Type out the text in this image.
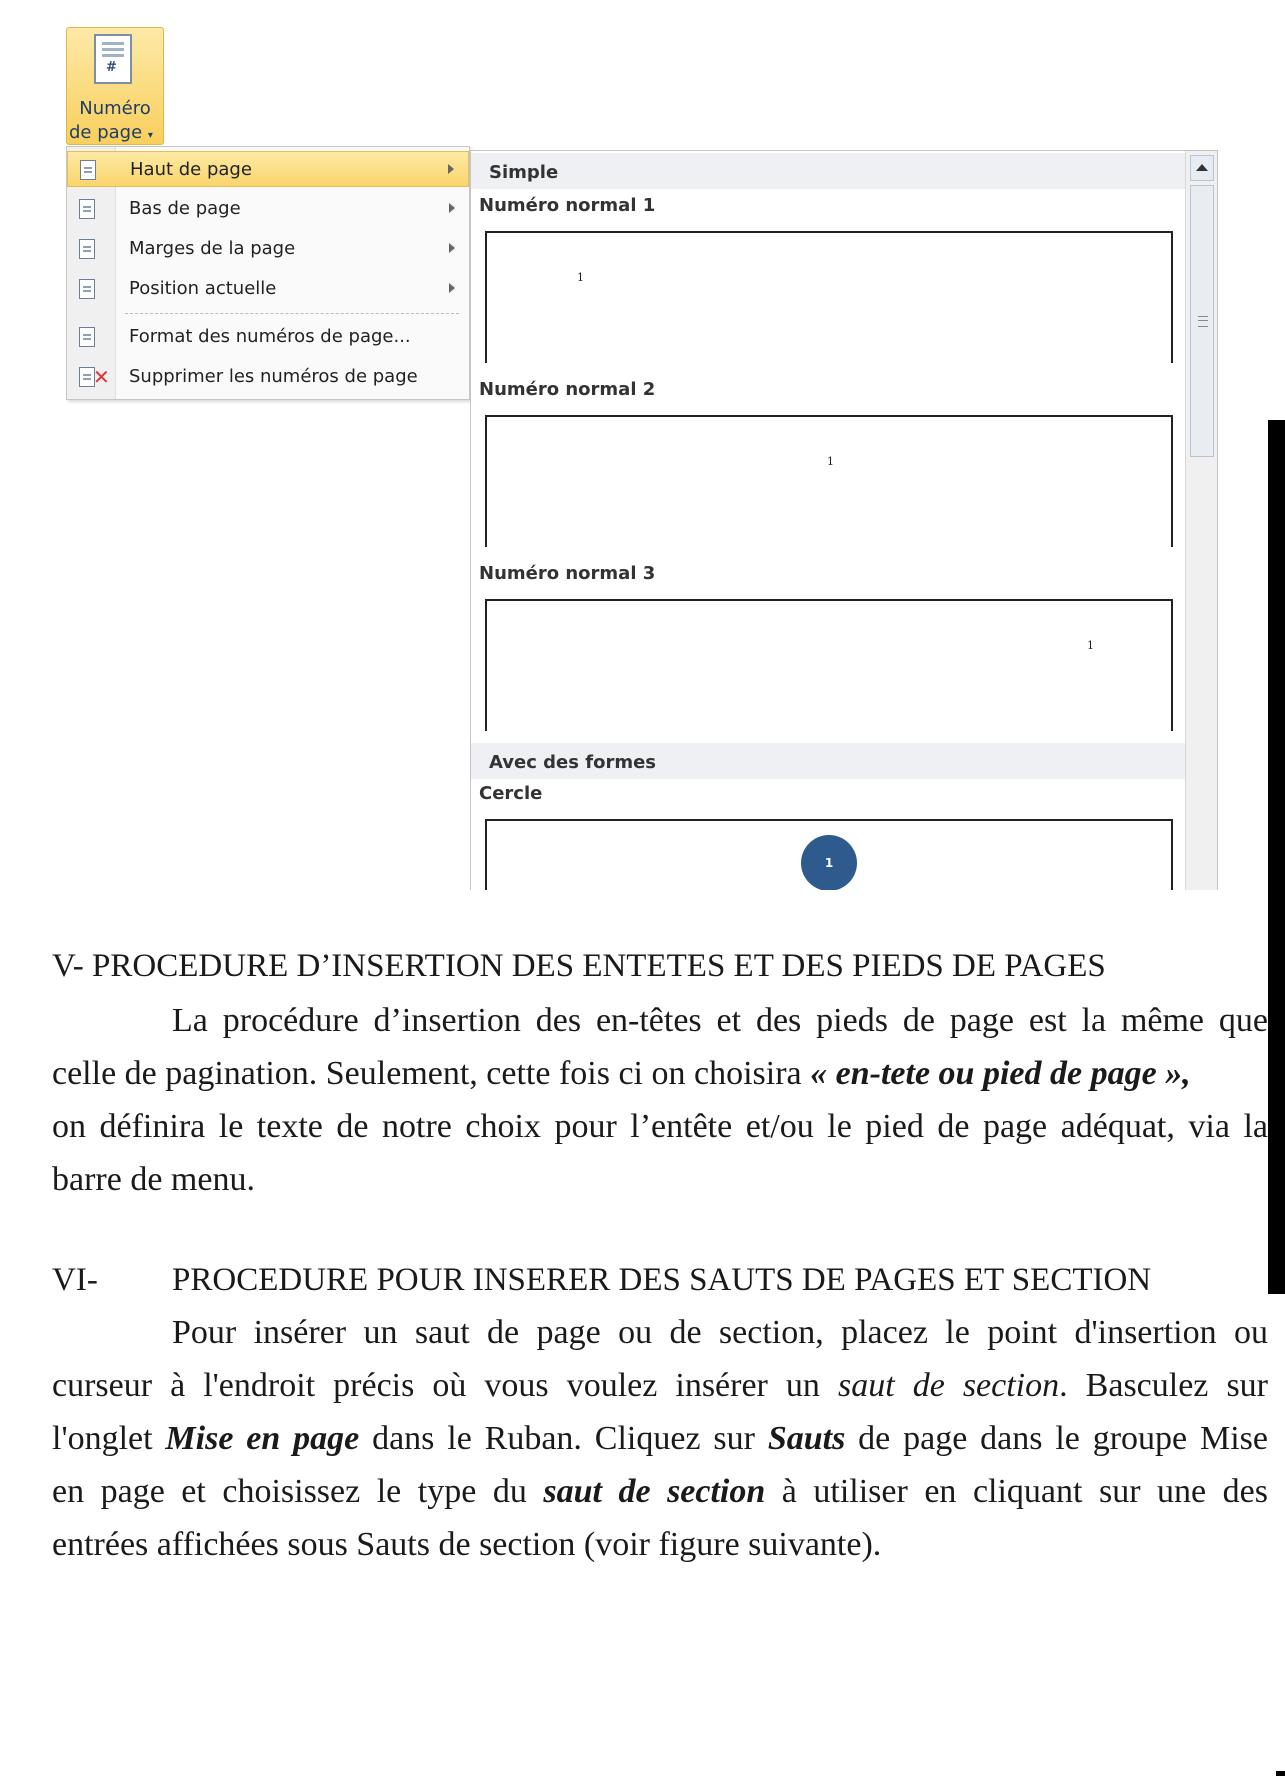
#
Numéro
de page ▾
Haut de page
Bas de page
Marges de la page
Position actuelle
Format des numéros de page...
✕ Supprimer les numéros de page
Simple
Numéro normal 1
1
Numéro normal 2
1
Numéro normal 3
1
Avec des formes
Cercle
1
V- PROCEDURE D’INSERTION DES ENTETES ET DES PIEDS DE PAGES
La procédure d’insertion des en-têtes et des pieds de page est la même que
celle de pagination. Seulement, cette fois ci on choisira « en-tete ou pied de page »,
on définira le texte de notre choix pour l’entête et/ou le pied de page adéquat, via la
barre de menu.
VI- PROCEDURE POUR INSERER DES SAUTS DE PAGES ET SECTION
Pour insérer un saut de page ou de section, placez le point d'insertion ou
curseur à l'endroit précis où vous voulez insérer un saut de section. Basculez sur
l'onglet Mise en page dans le Ruban. Cliquez sur Sauts de page dans le groupe Mise
en page et choisissez le type du saut de section à utiliser en cliquant sur une des
entrées affichées sous Sauts de section (voir figure suivante).
